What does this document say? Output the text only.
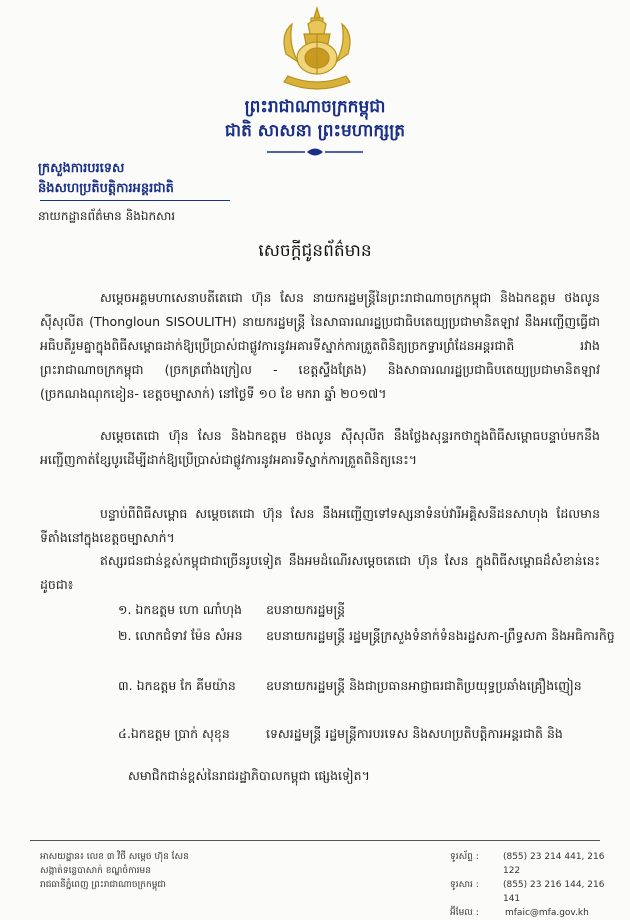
ព្រះរាជាណាចក្រកម្ពុជា
ជាតិ សាសនា ព្រះមហាក្សត្រ
ក្រសួងការបរទេស
និងសហប្រតិបត្តិការអន្តរជាតិ
នាយកដ្ឋានព័ត៌មាន និងឯកសារ
សេចក្ដីជូនព័ត៌មាន
សម្ដេចអគ្គមហាសេនាបតីតេជោ ហ៊ុន សែន នាយករដ្ឋមន្ត្រីនៃព្រះរាជាណាចក្រកម្ពុជា និងឯកឧត្តម ថងលូន ស៊ីសុលីត (Thongloun SISOULITH) នាយករដ្ឋមន្ត្រី នៃសាធារណរដ្ឋប្រជាធិបតេយ្យប្រជាមានិតឡាវ នឹងអញ្ជើញធ្វើជាអធិបតីរួមគ្នាក្នុងពិធីសម្ពោធដាក់ឱ្យប្រើប្រាស់ជាផ្លូវការនូវអគារទីស្នាក់ការត្រួតពិនិត្យច្រកទ្វារព្រំដែនអន្តរជាតិ រវាងព្រះរាជាណាចក្រកម្ពុជា (ច្រកត្រពាំងក្រៀល - ខេត្តស្ទឹងត្រែង) និងសាធារណរដ្ឋប្រជាធិបតេយ្យប្រជាមានិតឡាវ (ច្រកណងណុកខៀន- ខេត្តចម្បាសាក់) នៅថ្ងៃទី ១០ ខែ មករា ឆ្នាំ ២០១៧។
សម្ដេចតេជោ ហ៊ុន សែន និងឯកឧត្តម ថងលូន ស៊ីសុលីត នឹងថ្លែងសុន្ទរកថាក្នុងពិធីសម្ពោធបន្ទាប់មកនឹងអញ្ជើញកាត់ខ្សែបូរដើម្បីដាក់ឱ្យប្រើប្រាស់ជាផ្លូវការនូវអគារទីស្នាក់ការត្រួតពិនិត្យនេះ។
បន្ទាប់ពីពិធីសម្ពោធ សម្ដេចតេជោ ហ៊ុន សែន នឹងអញ្ជើញទៅទស្សនាទំនប់វារីអគ្គិសនីដនសាហុង ដែលមានទីតាំងនៅក្នុងខេត្តចម្បាសាក់។
ឥស្សរជនជាន់ខ្ពស់កម្ពុជាជាច្រើនរូបទៀត នឹងអមដំណើរសម្ដេចតេជោ ហ៊ុន សែន ក្នុងពិធីសម្ពោធដ៏សំខាន់នេះ ដូចជា៖
១. ឯកឧត្តម ហោ ណាំហុង	ឧបនាយករដ្ឋមន្ត្រី
២. លោកជំទាវ ម៉ែន សំអន	ឧបនាយករដ្ឋមន្ត្រី រដ្ឋមន្ត្រីក្រសួងទំនាក់ទំនងរដ្ឋសភា-ព្រឹទ្ធសភា និងអធិការកិច្ច
៣. ឯកឧត្តម កែ គីមយ៉ាន	ឧបនាយករដ្ឋមន្ត្រី និងជាប្រធានអាជ្ញាធរជាតិប្រយុទ្ធប្រឆាំងគ្រឿងញៀន
៤.ឯកឧត្តម ប្រាក់ សុខុន	ទេសរដ្ឋមន្ត្រី រដ្ឋមន្ត្រីការបរទេស និងសហប្រតិបត្តិការអន្តរជាតិ និង
សមាជិកជាន់ខ្ពស់នៃរាជរដ្ឋាភិបាលកម្ពុជា ផ្សេងទៀត។
អាសយដ្ឋាន៖ លេខ ៣ វិថី សម្ដេច ហ៊ុន សែន
សង្កាត់ទន្លេបាសាក់ ខណ្ឌចំការមន
រាជធានីភ្នំពេញ ព្រះរាជាណាចក្រកម្ពុជា
ទូរស័ព្ទ :	(855) 23 214 441, 216 122
ទូរសារ :	(855) 23 216 144, 216 141
អ៊ីមែល :	mfaic@mfa.gov.kh
